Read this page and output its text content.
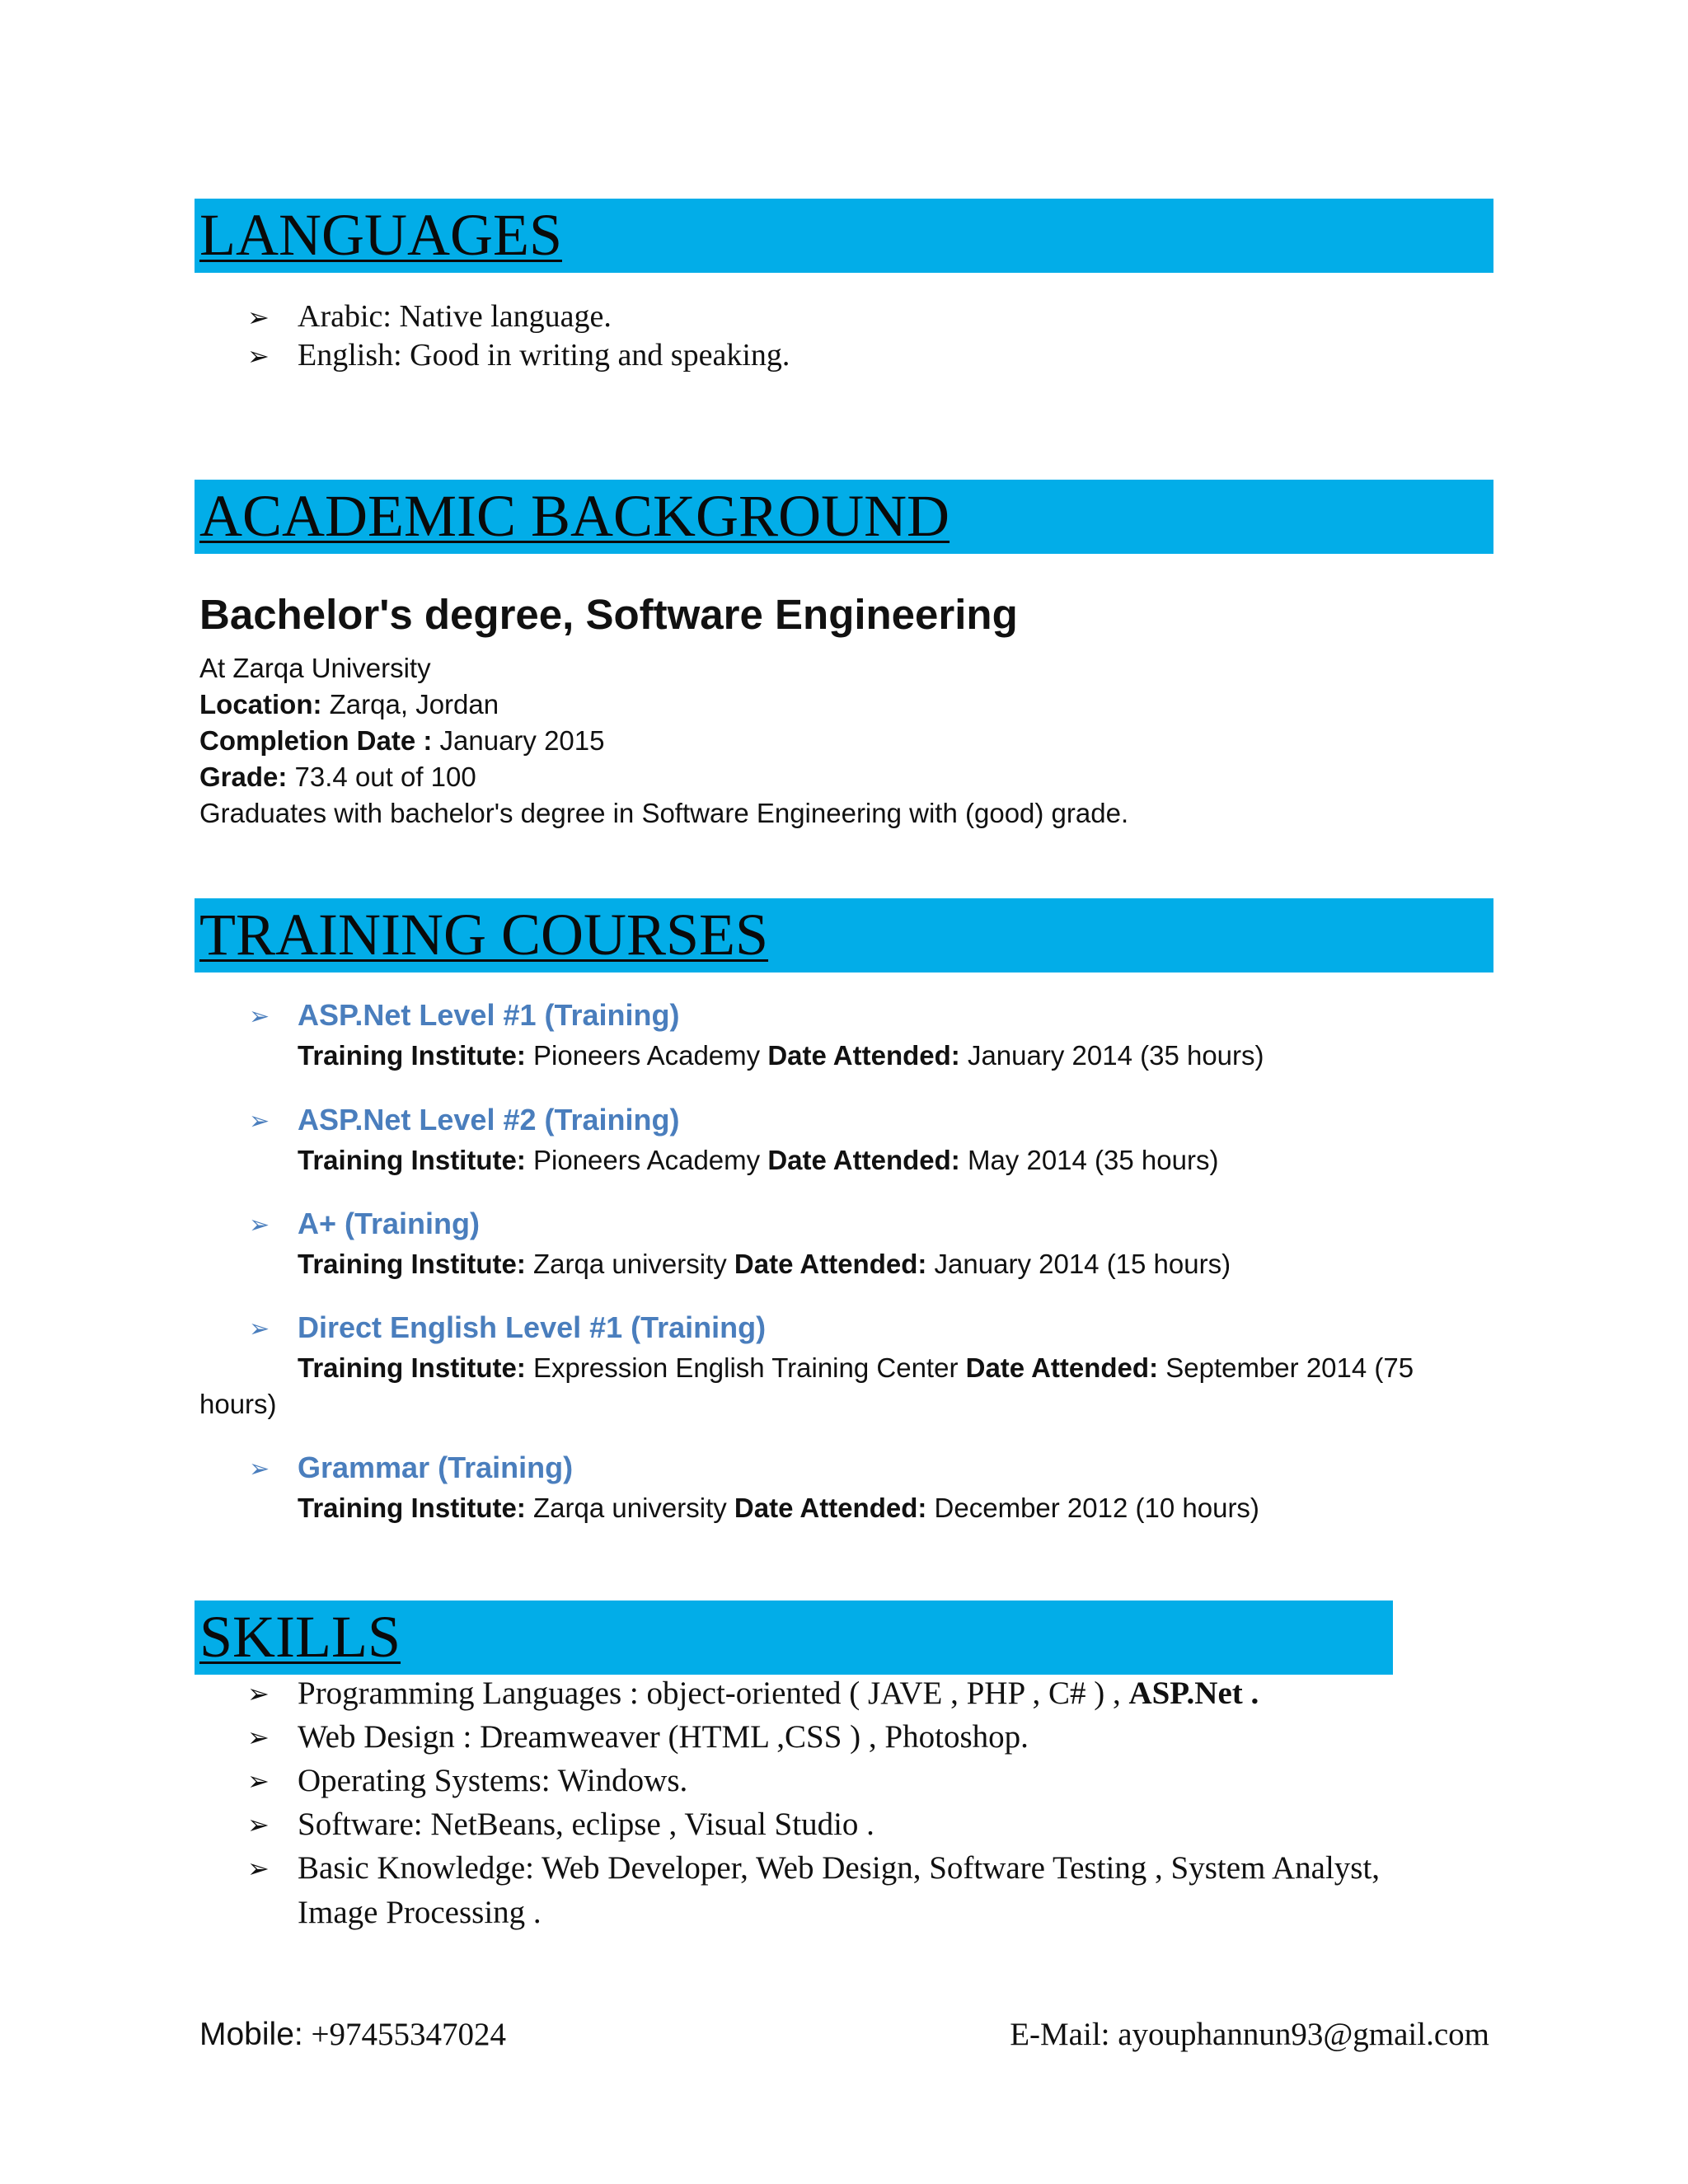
LANGUAGES
➢ Arabic: Native language.
➢ English: Good in writing and speaking.
ACADEMIC BACKGROUND
Bachelor's degree, Software Engineering
At Zarqa University
Location: Zarqa, Jordan
Completion Date : January 2015
Grade: 73.4 out of 100
Graduates with bachelor's degree in Software Engineering with (good) grade.
TRAINING COURSES
➢ ASP.Net Level #1 (Training)
Training Institute: Pioneers Academy Date Attended: January 2014 (35 hours)
➢ ASP.Net Level #2 (Training)
Training Institute: Pioneers Academy Date Attended: May 2014 (35 hours)
➢ A+ (Training)
Training Institute: Zarqa university Date Attended: January 2014 (15 hours)
➢ Direct English Level #1 (Training)
Training Institute: Expression English Training Center Date Attended: September 2014 (75
hours)
➢ Grammar (Training)
Training Institute: Zarqa university Date Attended: December 2012 (10 hours)
SKILLS
➢ Programming Languages : object-oriented ( JAVE , PHP , C# ) , ASP.Net .
➢ Web Design : Dreamweaver (HTML ,CSS ) , Photoshop.
➢ Operating Systems: Windows.
➢ Software: NetBeans, eclipse , Visual Studio .
➢ Basic Knowledge: Web Developer, Web Design, Software Testing , System Analyst,
Image Processing .
Mobile: +97455347024	E-Mail: ayouphannun93@gmail.com
